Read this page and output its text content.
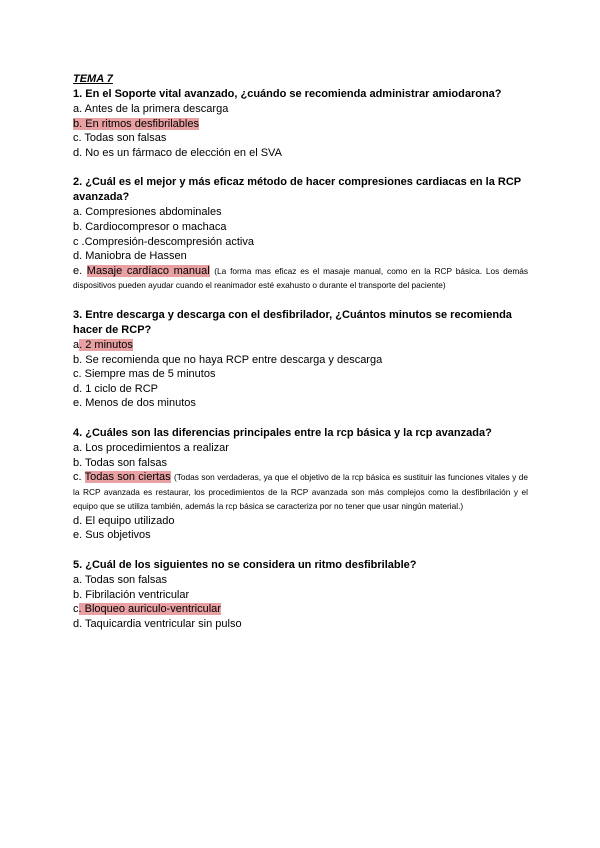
TEMA 7
1. En el Soporte vital avanzado, ¿cuándo se recomienda administrar amiodarona?
a. Antes de la primera descarga
b. En ritmos desfibrilables
c. Todas son falsas
d. No es un fármaco de elección en el SVA
2. ¿Cuál es el mejor y más eficaz método de hacer compresiones cardiacas en la RCP avanzada?
a. Compresiones abdominales
b. Cardiocompresor o machaca
c .Compresión-descompresión activa
d. Maniobra de Hassen
e. Masaje cardíaco manual (La forma mas eficaz es el masaje manual, como en la RCP básica. Los demás dispositivos pueden ayudar cuando el reanimador esté exahusto o durante el transporte del paciente)
3. Entre descarga y descarga con el desfibrilador, ¿Cuántos minutos se recomienda hacer de RCP?
a. 2 minutos
b. Se recomienda que no haya RCP entre descarga y descarga
c. Siempre mas de 5 minutos
d. 1 ciclo de RCP
e. Menos de dos minutos
4. ¿Cuáles son las diferencias principales entre la rcp básica y la rcp avanzada?
a. Los procedimientos a realizar
b. Todas son falsas
c. Todas son ciertas (Todas son verdaderas, ya que el objetivo de la rcp básica es sustituir las funciones vitales y de la RCP avanzada es restaurar, los procedimientos de la RCP avanzada son más complejos como la desfibrilación y el equipo que se utiliza también, además la rcp básica se caracteriza por no tener que usar ningún material.)
d. El equipo utilizado
e. Sus objetivos
5. ¿Cuál de los siguientes no se considera un ritmo desfibrilable?
a. Todas son falsas
b. Fibrilación ventricular
c. Bloqueo auriculo-ventricular
d. Taquicardia ventricular sin pulso
